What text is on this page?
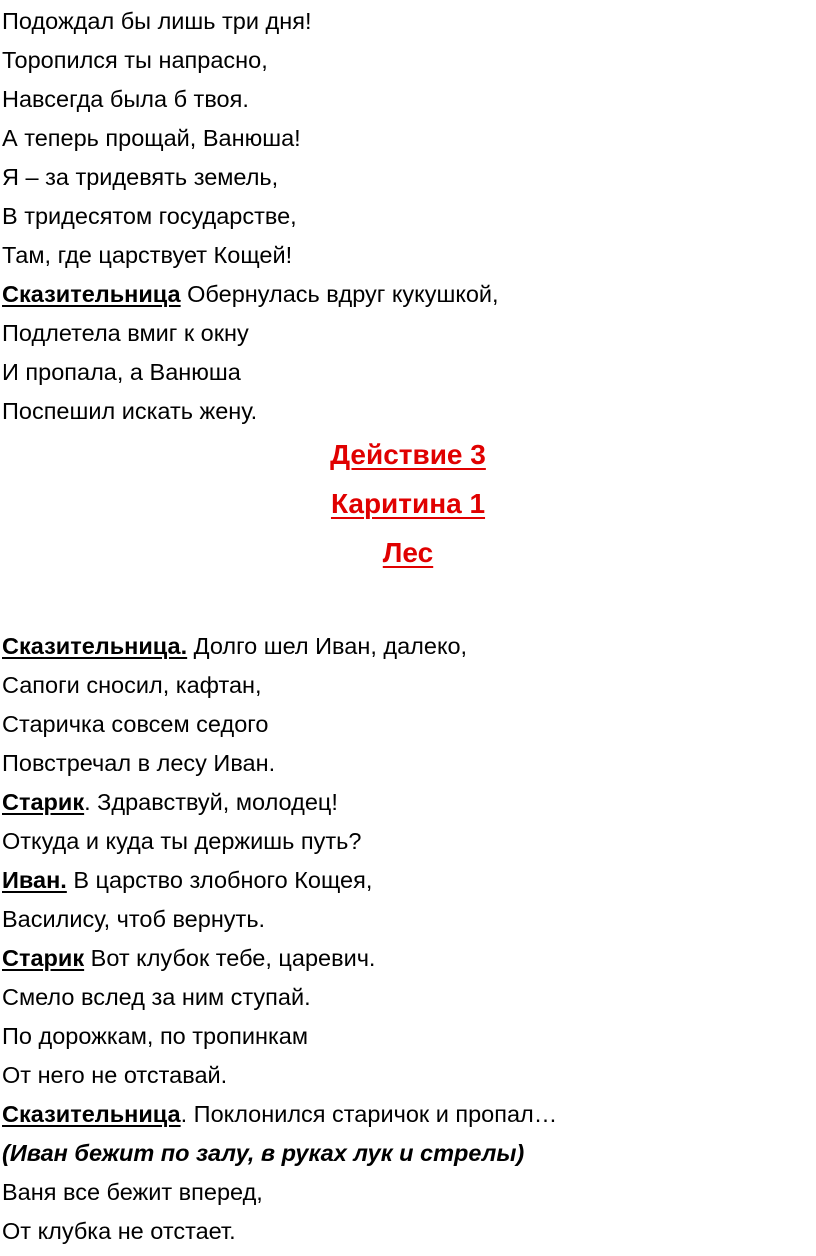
Подождал бы лишь три дня!
Торопился ты напрасно,
Навсегда была б твоя.
А теперь прощай, Ванюша!
Я – за тридевять земель,
В тридесятом государстве,
Там, где царствует Кощей!
Сказительница Обернулась вдруг кукушкой,
Подлетела вмиг к окну
И пропала, а Ванюша
Поспешил искать жену.
Действие 3
Каритина 1
Лес
Сказительница. Долго шел Иван, далеко,
Сапоги сносил, кафтан,
Старичка совсем седого
Повстречал в лесу Иван.
Старик. Здравствуй, молодец!
Откуда и куда ты держишь путь?
Иван. В царство злобного Кощея,
Василису, чтоб вернуть.
Старик Вот клубок тебе, царевич.
Смело вслед за ним ступай.
По дорожкам, по тропинкам
От него не отставай.
Сказительница. Поклонился старичок и пропал…
(Иван бежит по залу, в руках лук и стрелы)
Ваня все бежит вперед,
От клубка не отстает.
